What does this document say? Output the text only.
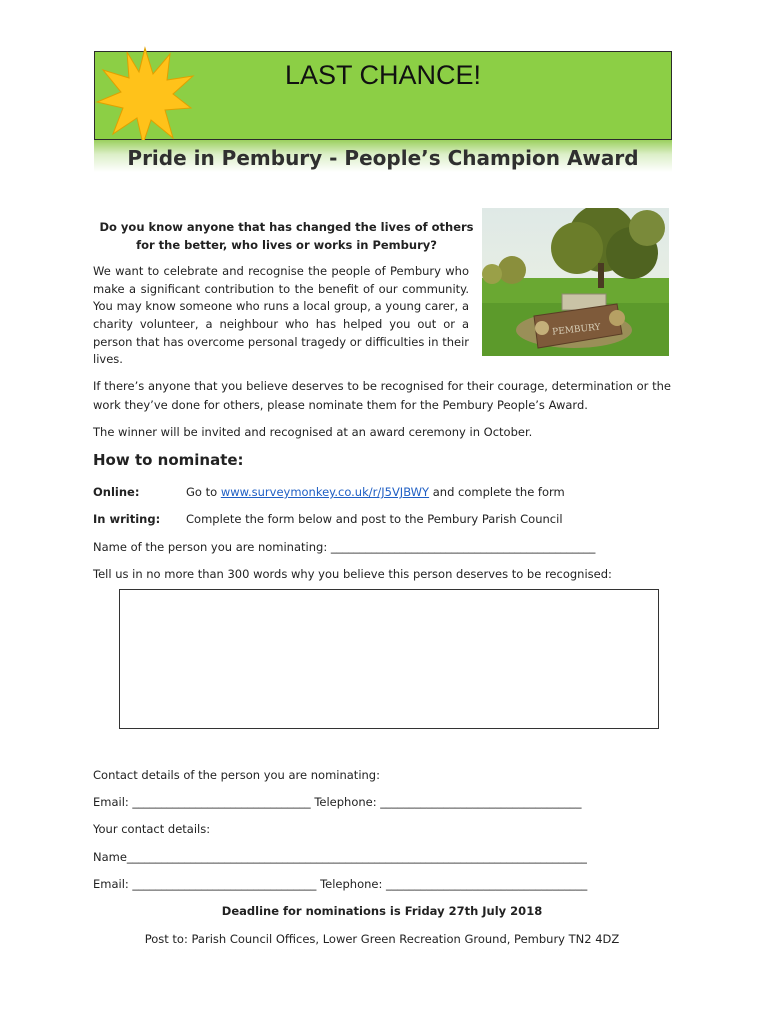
LAST CHANCE!
Pride in Pembury - People’s Champion Award
Do you know anyone that has changed the lives of others
for the better, who lives or works in Pembury?
We want to celebrate and recognise the people of Pembury who
make a significant contribution to the benefit of our community.
You may know someone who runs a local group, a young carer, a
charity volunteer, a neighbour who has helped you out or a
person that has overcome personal tragedy or difficulties in their
lives.
PEMBURY
If there’s anyone that you believe deserves to be recognised for their courage, determination or the
work they’ve done for others, please nominate them for the Pembury People’s Award.
The winner will be invited and recognised at an award ceremony in October.
How to nominate:
Online:	Go to www.surveymonkey.co.uk/r/J5VJBWY and complete the form
In writing: Complete the form below and post to the Pembury Parish Council
Name of the person you are nominating: ______________________________________________
Tell us in no more than 300 words why you believe this person deserves to be recognised:
Contact details of the person you are nominating:
Email: _______________________________ Telephone: ___________________________________
Your contact details:
Name________________________________________________________________________________
Email: ________________________________ Telephone: ___________________________________
Deadline for nominations is Friday 27th July 2018
Post to: Parish Council Offices, Lower Green Recreation Ground, Pembury TN2 4DZ
